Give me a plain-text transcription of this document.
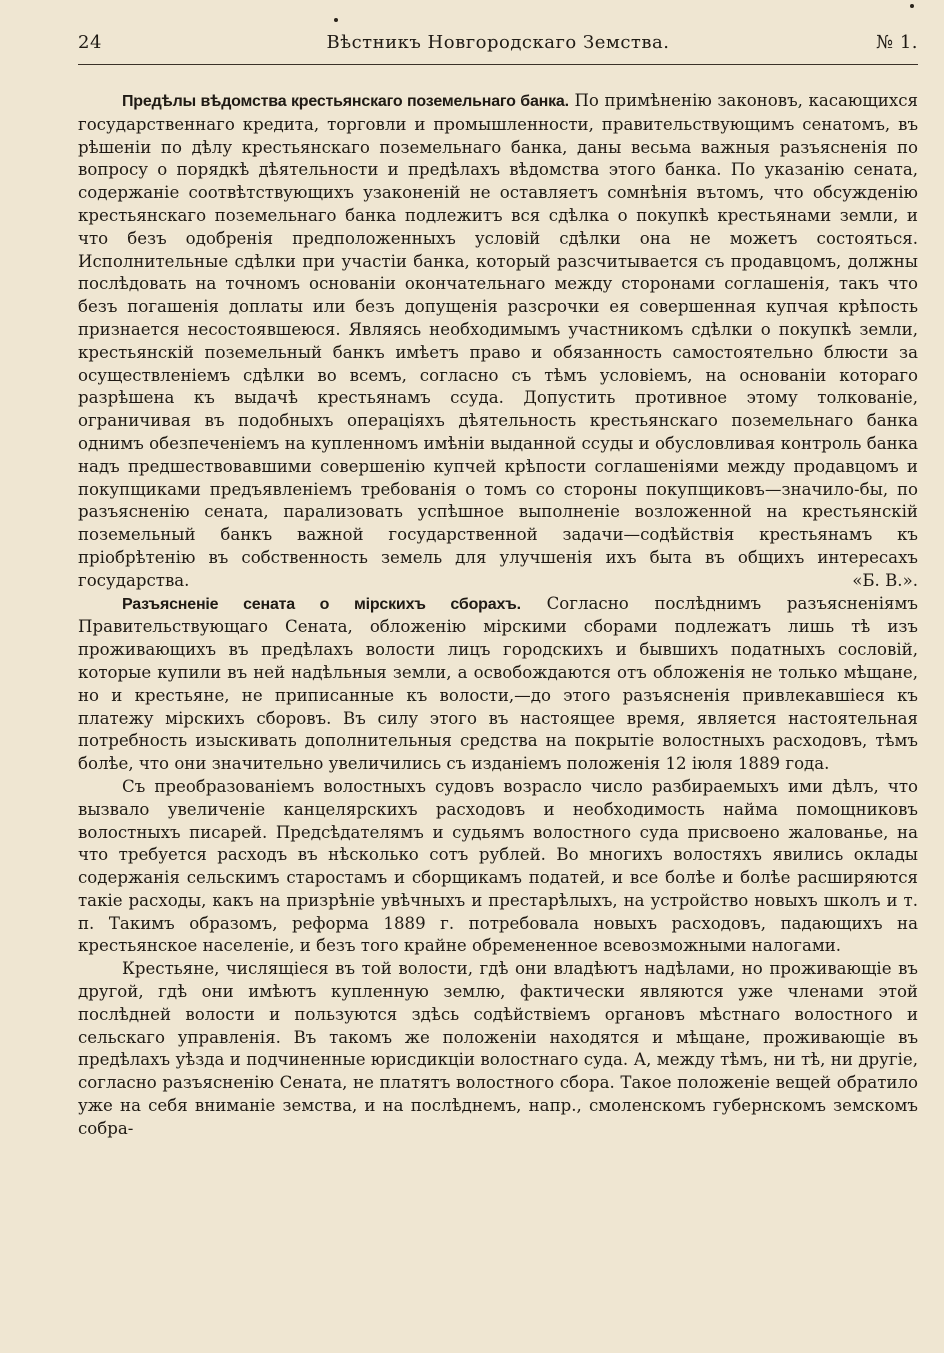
24	Вѣстникъ Новгородскаго Земства.	№ 1.

Предѣлы вѣдомства крестьянскаго поземельнаго банка. По примѣненію законовъ, касающихся государственнаго кредита, торговли и промышленности, правительствующимъ сенатомъ, въ рѣшеніи по дѣлу крестьянскаго поземельнаго банка, даны весьма важныя разъясненія по вопросу о порядкѣ дѣятельности и предѣлахъ вѣдомства этого банка. По указанію сената, содержаніе соотвѣтствующихъ узаконеній не оставляетъ сомнѣнія вътомъ, что обсужденію крестьянскаго поземельнаго банка подлежитъ вся сдѣлка о покупкѣ крестьянами земли, и что безъ одобренія предположенныхъ условій сдѣлки она не можетъ состояться. Исполнительные сдѣлки при участіи банка, который разсчитывается съ продавцомъ, должны послѣдовать на точномъ основаніи окончательнаго между сторонами соглашенія, такъ что безъ погашенія доплаты или безъ допущенія разсрочки ея совершенная купчая крѣпость признается несостоявшеюся. Являясь необходимымъ участникомъ сдѣлки о покупкѣ земли, крестьянскій поземельный банкъ имѣетъ право и обязанность самостоятельно блюсти за осуществленіемъ сдѣлки во всемъ, согласно съ тѣмъ условіемъ, на основаніи котораго разрѣшена къ выдачѣ крестьянамъ ссуда. Допустить противное этому толкованіе, ограничивая въ подобныхъ операціяхъ дѣятельность крестьянскаго поземельнаго банка однимъ обезпеченіемъ на купленномъ имѣніи выданной ссуды и обусловливая контроль банка надъ предшествовавшими совершенію купчей крѣпости соглашеніями между продавцомъ и покупщиками предъявленіемъ требованія о томъ со стороны покупщиковъ—значило-бы, по разъясненію сената, парализовать успѣшное выполненіе возложенной на крестьянскій поземельный банкъ важной государственной задачи—содѣйствія крестьянамъ къ пріобрѣтенію въ собственность земель для улучшенія ихъ быта въ общихъ интересахъ государства.	«Б. В.».

Разъясненіе сената о мірскихъ сборахъ. Согласно послѣднимъ разъясненіямъ Правительствующаго Сената, обложенію мірскими сборами подлежатъ лишь тѣ изъ проживающихъ въ предѣлахъ волости лицъ городскихъ и бывшихъ податныхъ сословій, которые купили въ ней надѣльныя земли, а освобождаются отъ обложенія не только мѣщане, но и крестьяне, не приписанные къ волости,—до этого разъясненія привлекавшіеся къ платежу мірскихъ сборовъ. Въ силу этого въ настоящее время, является настоятельная потребность изыскивать дополнительныя средства на покрытіе волостныхъ расходовъ, тѣмъ болѣе, что они значительно увеличились съ изданіемъ положенія 12 іюля 1889 года.

Съ преобразованіемъ волостныхъ судовъ возрасло число разбираемыхъ ими дѣлъ, что вызвало увеличеніе канцелярскихъ расходовъ и необходимость найма помощниковъ волостныхъ писарей. Предсѣдателямъ и судьямъ волостного суда присвоено жалованье, на что требуется расходъ въ нѣсколько сотъ рублей. Во многихъ волостяхъ явились оклады содержанія сельскимъ старостамъ и сборщикамъ податей, и все болѣе и болѣе расширяются такіе расходы, какъ на призрѣніе увѣчныхъ и престарѣлыхъ, на устройство новыхъ школъ и т. п. Такимъ образомъ, реформа 1889 г. потребовала новыхъ расходовъ, падающихъ на крестьянское населеніе, и безъ того крайне обремененное всевозможными налогами.

Крестьяне, числящіеся въ той волости, гдѣ они владѣютъ надѣлами, но проживающіе въ другой, гдѣ они имѣютъ купленную землю, фактически являются уже членами этой послѣдней волости и пользуются здѣсь содѣйствіемъ органовъ мѣстнаго волостного и сельскаго управленія. Въ такомъ же положеніи находятся и мѣщане, проживающіе въ предѣлахъ уѣзда и подчиненные юрисдикціи волостнаго суда. А, между тѣмъ, ни тѣ, ни другіе, согласно разъясненію Сената, не платятъ волостного сбора. Такое положеніе вещей обратило уже на себя вниманіе земства, и на послѣднемъ, напр., смоленскомъ губернскомъ земскомъ собра-
